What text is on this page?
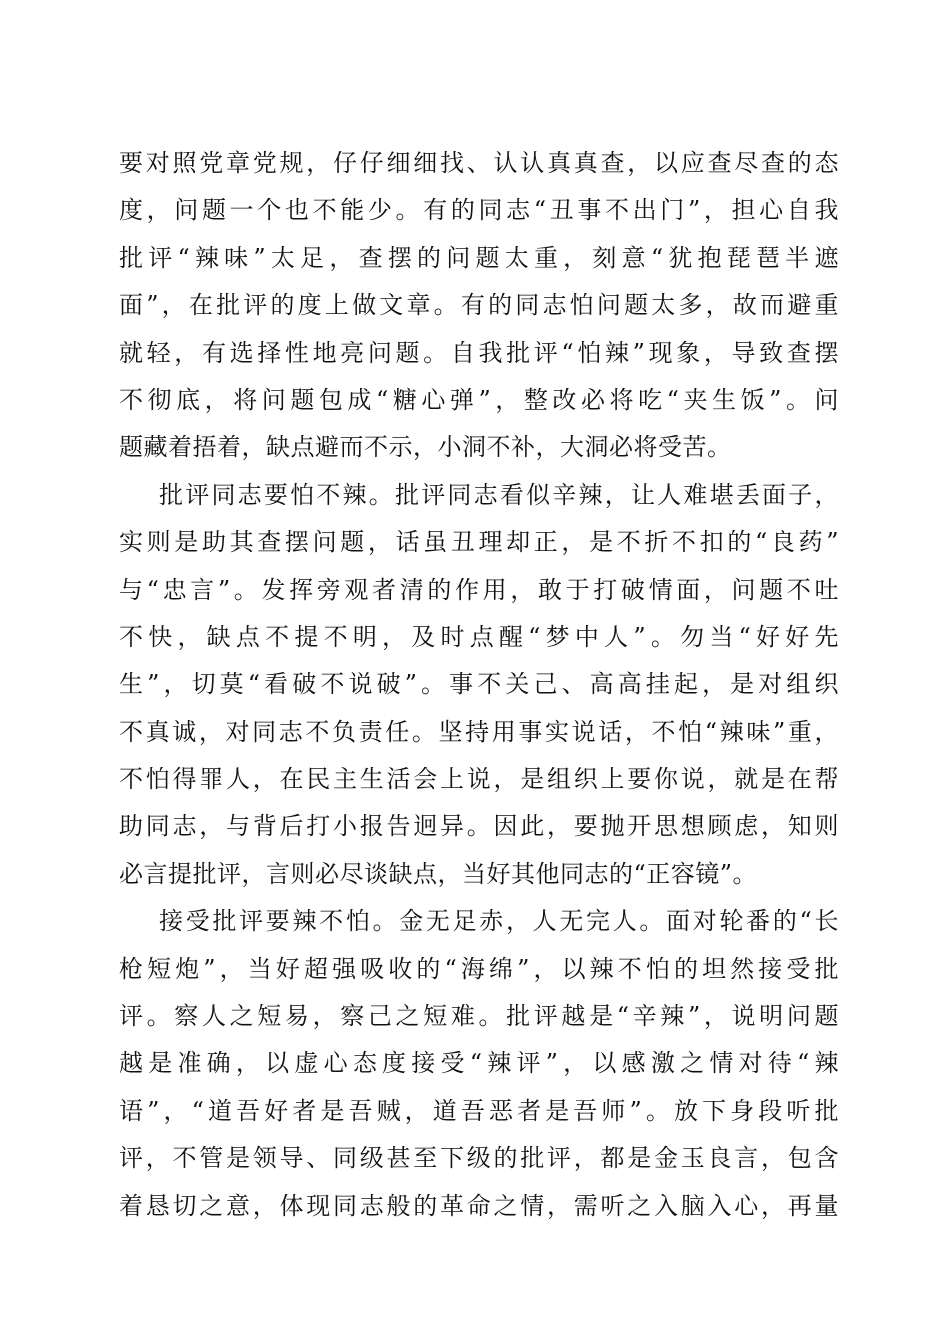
要对照党章党规，仔仔细细找、认认真真查，以应查尽查的态
度，问题一个也不能少。有的同志“丑事不出门”，担心自我
批评“辣味”太足，查摆的问题太重，刻意“犹抱琵琶半遮
面”，在批评的度上做文章。有的同志怕问题太多，故而避重
就轻，有选择性地亮问题。自我批评“怕辣”现象，导致查摆
不彻底，将问题包成“糖心弹”，整改必将吃“夹生饭”。问
题藏着捂着，缺点避而不示，小洞不补，大洞必将受苦。
批评同志要怕不辣。批评同志看似辛辣，让人难堪丢面子，
实则是助其查摆问题，话虽丑理却正，是不折不扣的“良药”
与“忠言”。发挥旁观者清的作用，敢于打破情面，问题不吐
不快，缺点不提不明，及时点醒“梦中人”。勿当“好好先
生”，切莫“看破不说破”。事不关己、高高挂起，是对组织
不真诚，对同志不负责任。坚持用事实说话，不怕“辣味”重，
不怕得罪人，在民主生活会上说，是组织上要你说，就是在帮
助同志，与背后打小报告迥异。因此，要抛开思想顾虑，知则
必言提批评，言则必尽谈缺点，当好其他同志的“正容镜”。
接受批评要辣不怕。金无足赤，人无完人。面对轮番的“长
枪短炮”，当好超强吸收的“海绵”，以辣不怕的坦然接受批
评。察人之短易，察己之短难。批评越是“辛辣”，说明问题
越是准确，以虚心态度接受“辣评”，以感激之情对待“辣
语”，“道吾好者是吾贼，道吾恶者是吾师”。放下身段听批
评，不管是领导、同级甚至下级的批评，都是金玉良言，包含
着恳切之意，体现同志般的革命之情，需听之入脑入心，再量
